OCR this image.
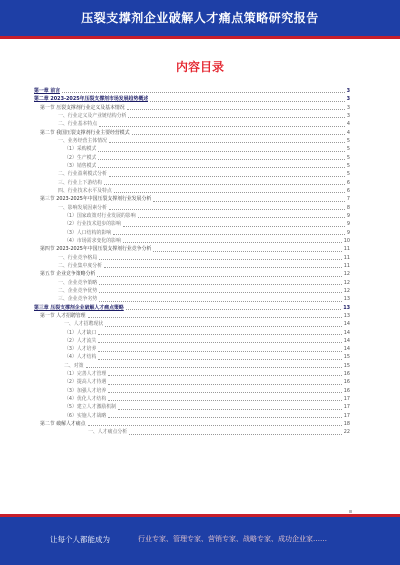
压裂支撑剂企业破解人才痛点策略研究报告
内容目录
第一章 前言	3
第二章 2023-2025年压裂支撑剂市场发展趋势概述	3
第一节 压裂支撑剂行业定义及基本情况	3
一、行业定义及产业链结构分析	3
二、行业基本特点	4
第二节 我国压裂支撑剂行业主要经营模式	4
一、业务经营主体情况	5
（1）采购模式	5
（2）生产模式	5
（3）销售模式	5
二、行业盈利模式分析	5
三、行业上下游结构	6
四、行业技术水平及特点	6
第三节 2023-2025年中国压裂支撑剂行业发展分析	7
一、影响发展因素分析	8
（1）国家政策对行业发展的影响	9
（2）行业技术进步的影响	9
（3）人口结构的影响	9
（4）市场需求变化的影响	10
第四节 2023-2025年中国压裂支撑剂行业竞争分析	11
一、行业竞争格局	11
二、行业集中度分析	11
第五节 企业竞争策略分析	12
一、企业竞争策略	12
二、企业竞争优势	12
三、企业竞争劣势	13
第三章 压裂支撑剂企业破解人才痛点策略	13
第一节 人才招聘管理	13
一、人才招聘现状	14
（1）人才缺口	14
（2）人才流失	14
（3）人才培养	14
（4）人才结构	15
二、对策	15
（1）完善人才管理	16
（2）提高人才待遇	16
（3）加强人才培养	16
（4）优化人才结构	17
（5）建立人才激励机制	17
（6）实施人才战略	17
第二节 破解人才痛点	18
一、人才痛点分析	22
让每个人都能成为	行业专家、管理专家、营销专家、战略专家、成功企业家……
